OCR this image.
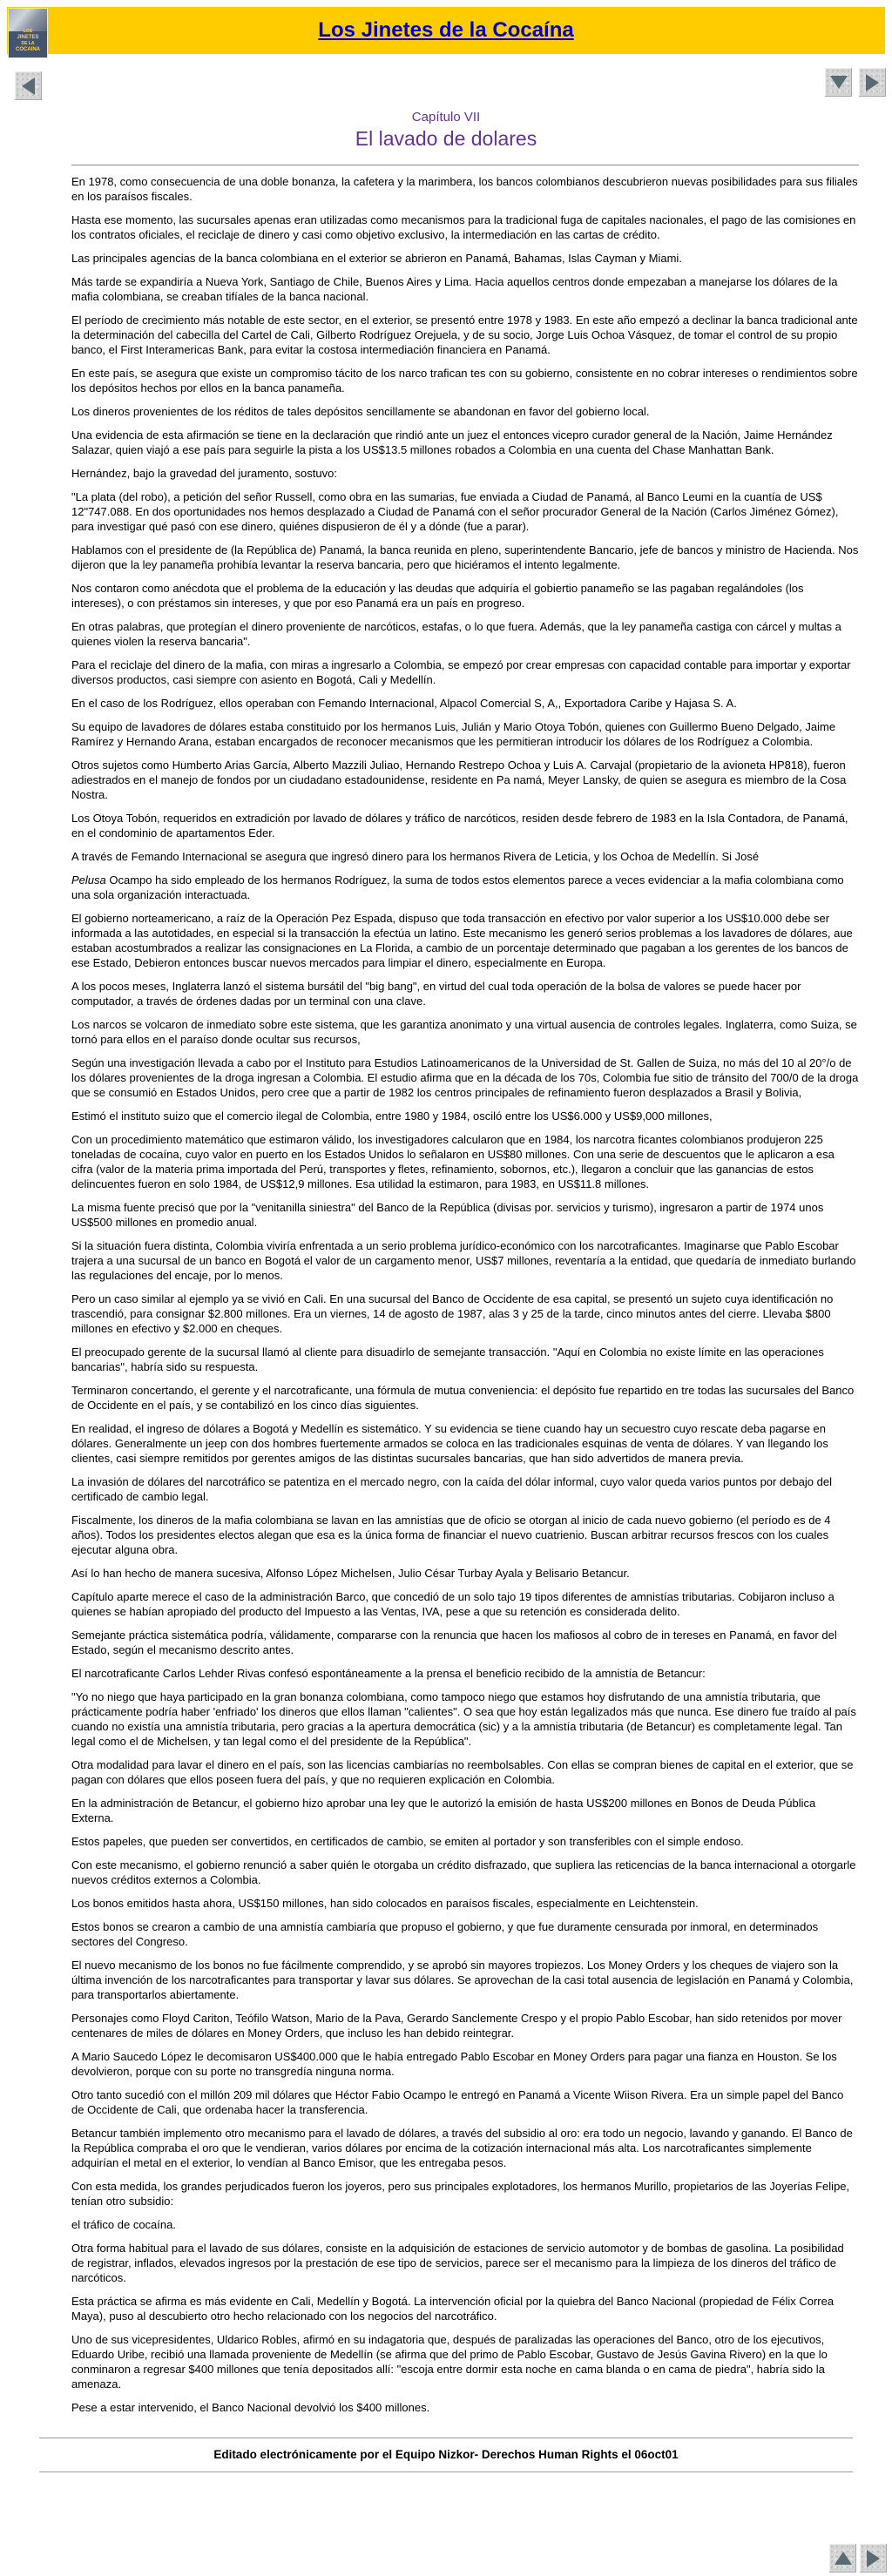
Los Jinetes de la Cocaína
LOS
JINETES
DE LA
COCAINA
Capítulo VII
El lavado de dolares

En 1978, como consecuencia de una doble bonanza, la cafetera y la marimbera, los bancos colombianos descubrieron nuevas posibilidades para sus filiales en los paraísos fiscales.

Hasta ese momento, las sucursales apenas eran utilizadas como mecanismos para la tradicional fuga de capitales nacionales, el pago de las comisiones en los contratos oficiales, el reciclaje de dinero y casi como objetivo exclusivo, la intermediación en las cartas de crédito.

Las principales agencias de la banca colombiana en el exterior se abrieron en Panamá, Bahamas, Islas Cayman y Miami.

Más tarde se expandiría a Nueva York, Santiago de Chile, Buenos Aires y Lima. Hacia aquellos centros donde empezaban a manejarse los dólares de la mafia colombiana, se creaban tifíales de la banca nacional.

El período de crecimiento más notable de este sector, en el exterior, se presentó entre 1978 y 1983. En este año empezó a declinar la banca tradicional ante la determinación del cabecilla del Cartel de Cali, Gilberto Rodríguez Orejuela, y de su socio, Jorge Luis Ochoa Vásquez, de tomar el control de su propio banco, el First Interamericas Bank, para evitar la costosa intermediación financiera en Panamá.

En este país, se asegura que existe un compromiso tácito de los narco trafican tes con su gobierno, consistente en no cobrar intereses o rendimientos sobre los depósitos hechos por ellos en la banca panameña.

Los dineros provenientes de los réditos de tales depósitos sencillamente se abandonan en favor del gobierno local.

Una evidencia de esta afirmación se tiene en la declaración que rindió ante un juez el entonces vicepro curador general de la Nación, Jaime Hernández Salazar, quien viajó a ese país para seguirle la pista a los US$13.5 millones robados a Colombia en una cuenta del Chase Manhattan Bank.

Hernández, bajo la gravedad del juramento, sostuvo:

"La plata (del robo), a petición del señor Russell, como obra en las sumarias, fue enviada a Ciudad de Panamá, al Banco Leumi en la cuantía de US$ 12"747.088. En dos oportunidades nos hemos desplazado a Ciudad de Panamá con el señor procurador General de la Nación (Carlos Jiménez Gómez), para investigar qué pasó con ese dinero, quiénes dispusieron de él y a dónde (fue a parar).

Hablamos con el presidente de (la República de) Panamá, la banca reunida en pleno, superintendente Bancario, jefe de bancos y ministro de Hacienda. Nos dijeron que la ley panameña prohibía levantar la reserva bancaria, pero que hiciéramos el intento legalmente.

Nos contaron como anécdota que el problema de la educación y las deudas que adquiría el gobiertio panameño se las pagaban regalándoles (los intereses), o con préstamos sin intereses, y que por eso Panamá era un país en progreso.

En otras palabras, que protegían el dinero proveniente de narcóticos, estafas, o lo que fuera. Además, que la ley panameña castiga con cárcel y multas a quienes violen la reserva bancaria".

Para el reciclaje del dinero de la mafia, con miras a ingresarlo a Colombia, se empezó por crear empresas con capacidad contable para importar y exportar diversos productos, casi siempre con asiento en Bogotá, Cali y Medellín.

En el caso de los Rodríguez, ellos operaban con Femando Internacional, Alpacol Comercial S, A,, Exportadora Caribe y Hajasa S. A.

Su equipo de lavadores de dólares estaba constituido por los hermanos Luis, Julián y Mario Otoya Tobón, quienes con Guillermo Bueno Delgado, Jaime Ramírez y Hernando Arana, estaban encargados de reconocer mecanismos que les permitieran introducir los dólares de los Rodríguez a Colombia.

Otros sujetos como Humberto Arias García, Alberto Mazzili Juliao, Hernando Restrepo Ochoa y Luis A. Carvajal (propietario de la avioneta HP818), fueron adiestrados en el manejo de fondos por un ciudadano estadounidense, residente en Pa namá, Meyer Lansky, de quien se asegura es miembro de la Cosa Nostra.

Los Otoya Tobón, requeridos en extradición por lavado de dólares y tráfico de narcóticos, residen desde febrero de 1983 en la Isla Contadora, de Panamá, en el condominio de apartamentos Eder.

A través de Femando Internacional se asegura que ingresó dinero para los hermanos Rivera de Leticia, y los Ochoa de Medellín. Si José

Pelusa Ocampo ha sido empleado de los hermanos Rodríguez, la suma de todos estos elementos parece a veces evidenciar a la mafia colombiana como una sola organización interactuada.

El gobierno norteamericano, a raíz de la Operación Pez Espada, dispuso que toda transacción en efectivo por valor superior a los US$10.000 debe ser informada a las autotidades, en especial si la transacción la efectúa un latino. Este mecanismo les generó serios problemas a los lavadores de dólares, aue estaban acostumbrados a realizar las consignaciones en La Florida, a cambio de un porcentaje determinado que pagaban a los gerentes de los bancos de ese Estado, Debieron entonces buscar nuevos mercados para limpiar el dinero, especialmente en Europa.

A los pocos meses, Inglaterra lanzó el sistema bursátil del "big bang", en virtud del cual toda operación de la bolsa de valores se puede hacer por computador, a través de órdenes dadas por un terminal con una clave.

Los narcos se volcaron de inmediato sobre este sistema, que les garantiza anonimato y una virtual ausencia de controles legales. Inglaterra, como Suiza, se tornó para ellos en el paraíso donde ocultar sus recursos,

Según una investigación llevada a cabo por el Instituto para Estudios Latinoamericanos de la Universidad de St. Gallen de Suiza, no más del 10 al 20°/o de los dólares provenientes de la droga ingresan a Colombia. El estudio afirma que en la década de los 70s, Colombia fue sitio de tránsito del 700/0 de la droga que se consumió en Estados Unidos, pero cree que a partir de 1982 los centros principales de refinamiento fueron desplazados a Brasil y Bolivia,

Estimó el instituto suizo que el comercio ilegal de Colombia, entre 1980 y 1984, osciló entre los US$6.000 y US$9,000 millones,

Con un procedimiento matemático que estimaron válido, los investigadores calcularon que en 1984, los narcotra ficantes colombianos produjeron 225 toneladas de cocaína, cuyo valor en puerto en los Estados Unidos lo señalaron en US$80 millones. Con una serie de descuentos que le aplicaron a esa cifra (valor de la materia prima importada del Perú, transportes y fletes, refinamiento, sobornos, etc.), llegaron a concluir que las ganancias de estos delincuentes fueron en solo 1984, de US$12,9 millones. Esa utilidad la estimaron, para 1983, en US$11.8 millones.

La misma fuente precisó que por la "venitanilla siniestra" del Banco de la República (divisas por. servicios y turismo), ingresaron a partir de 1974 unos US$500 millones en promedio anual.

Si la situación fuera distinta, Colombia viviría enfrentada a un serio problema jurídico-económico con los narcotraficantes. Imaginarse que Pablo Escobar trajera a una sucursal de un banco en Bogotá el valor de un cargamento menor, US$7 millones, reventaría a la entidad, que quedaría de inmediato burlando las regulaciones del encaje, por lo menos.

Pero un caso similar al ejemplo ya se vivió en Cali. En una sucursal del Banco de Occidente de esa capital, se presentó un sujeto cuya identificación no trascendió, para consignar $2.800 millones. Era un viernes, 14 de agosto de 1987, alas 3 y 25 de la tarde, cinco minutos antes del cierre. Llevaba $800 millones en efectivo y $2.000 en cheques.

El preocupado gerente de la sucursal llamó al cliente para disuadirlo de semejante transacción. "Aquí en Colombia no existe límite en las operaciones bancarias", habría sido su respuesta.

Terminaron concertando, el gerente y el narcotraficante, una fórmula de mutua conveniencia: el depósito fue repartido en tre todas las sucursales del Banco de Occidente en el país, y se contabilizó en los cinco días siguientes.

En realidad, el ingreso de dólares a Bogotá y Medellín es sistemático. Y su evidencia se tiene cuando hay un secuestro cuyo rescate deba pagarse en dólares. Generalmente un jeep con dos hombres fuertemente armados se coloca en las tradicionales esquinas de venta de dólares. Y van llegando los clientes, casi siempre remitidos por gerentes amigos de las distintas sucursales bancarias, que han sido advertidos de manera previa.

La invasión de dólares del narcotráfico se patentiza en el mercado negro, con la caída del dólar informal, cuyo valor queda varios puntos por debajo del certificado de cambio legal.

Fiscalmente, los dineros de la mafia colombiana se lavan en las amnistías que de oficio se otorgan al inicio de cada nuevo gobierno (el período es de 4 años). Todos los presidentes electos alegan que esa es la única forma de financiar el nuevo cuatrienio. Buscan arbitrar recursos frescos con los cuales ejecutar alguna obra.

Así lo han hecho de manera sucesiva, Alfonso López Michelsen, Julio César Turbay Ayala y Belisario Betancur.

Capítulo aparte merece el caso de la administración Barco, que concedió de un solo tajo 19 tipos diferentes de amnistías tributarias. Cobijaron incluso a quienes se habían apropiado del producto del Impuesto a las Ventas, IVA, pese a que su retención es considerada delito.

Semejante práctica sistemática podría, válidamente, compararse con la renuncia que hacen los mafiosos al cobro de in tereses en Panamá, en favor del Estado, según el mecanismo descrito antes.

El narcotraficante Carlos Lehder Rivas confesó espontáneamente a la prensa el beneficio recibido de la amnistía de Betancur:

"Yo no niego que haya participado en la gran bonanza colombiana, como tampoco niego que estamos hoy disfrutando de una amnistía tributaria, que prácticamente podría haber 'enfriado' los dineros que ellos llaman "calientes". O sea que hoy están legalizados más que nunca. Ese dinero fue traído al país cuando no existía una amnistía tributaria, pero gracias a la apertura democrática (sic) y a la amnistía tributaria (de Betancur) es completamente legal. Tan legal como el de Michelsen, y tan legal como el del presidente de la República".

Otra modalidad para lavar el dinero en el país, son las licencias cambiarías no reembolsables. Con ellas se compran bienes de capital en el exterior, que se pagan con dólares que ellos poseen fuera del país, y que no requieren explicación en Colombia.

En la administración de Betancur, el gobierno hizo aprobar una ley que le autorizó la emisión de hasta US$200 millones en Bonos de Deuda Pública Externa.

Estos papeles, que pueden ser convertidos, en certificados de cambio, se emiten al portador y son transferibles con el simple endoso.

Con este mecanismo, el gobierno renunció a saber quién le otorgaba un crédito disfrazado, que supliera las reticencias de la banca internacional a otorgarle nuevos créditos externos a Colombia.

Los bonos emitidos hasta ahora, US$150 millones, han sido colocados en paraísos fiscales, especialmente en Leichtenstein.

Estos bonos se crearon a cambio de una amnistía cambiaría que propuso el gobierno, y que fue duramente censurada por inmoral, en determinados sectores del Congreso.

El nuevo mecanismo de los bonos no fue fácilmente comprendido, y se aprobó sin mayores tropiezos. Los Money Orders y los cheques de viajero son la última invención de los narcotraficantes para transportar y lavar sus dólares. Se aprovechan de la casi total ausencia de legislación en Panamá y Colombia, para transportarlos abiertamente.

Personajes como Floyd Cariton, Teófilo Watson, Mario de la Pava, Gerardo Sanclemente Crespo y el propio Pablo Escobar, han sido retenidos por mover centenares de miles de dólares en Money Orders, que incluso les han debido reintegrar.

A Mario Saucedo López le decomisaron US$400.000 que le había entregado Pablo Escobar en Money Orders para pagar una fianza en Houston. Se los devolvieron, porque con su porte no transgredía ninguna norma.

Otro tanto sucedió con el millón 209 mil dólares que Héctor Fabio Ocampo le entregó en Panamá a Vicente Wiison Rivera. Era un simple papel del Banco de Occidente de Cali, que ordenaba hacer la transferencia.

Betancur también implemento otro mecanismo para el lavado de dólares, a través del subsidio al oro: era todo un negocio, lavando y ganando. El Banco de la República compraba el oro que le vendieran, varios dólares por encima de la cotización internacional más alta. Los narcotraficantes simplemente adquirían el metal en el exterior, lo vendían al Banco Emisor, que les entregaba pesos.

Con esta medida, los grandes perjudicados fueron los joyeros, pero sus principales explotadores, los hermanos Murillo, propietarios de las Joyerías Felipe, tenían otro subsidio:

el tráfico de cocaína.

Otra forma habitual para el lavado de sus dólares, consiste en la adquisición de estaciones de servicio automotor y de bombas de gasolina. La posibilidad de registrar, inflados, elevados ingresos por la prestación de ese tipo de servicios, parece ser el mecanismo para la limpieza de los dineros del tráfico de narcóticos.

Esta práctica se afirma es más evidente en Cali, Medellín y Bogotá. La intervención oficial por la quiebra del Banco Nacional (propiedad de Félix Correa Maya), puso al descubierto otro hecho relacionado con los negocios del narcotráfico.

Uno de sus vicepresidentes, Uldarico Robles, afirmó en su indagatoria que, después de paralizadas las operaciones del Banco, otro de los ejecutivos, Eduardo Uribe, recibió una llamada proveniente de Medellín (se afirma que del primo de Pablo Escobar, Gustavo de Jesús Gavina Rivero) en la que lo conminaron a regresar $400 millones que tenía depositados allí: "escoja entre dormir esta noche en cama blanda o en cama de piedra", habría sido la amenaza.

Pese a estar intervenido, el Banco Nacional devolvió los $400 millones.

Editado electrónicamente por el Equipo Nizkor- Derechos Human Rights el 06oct01
